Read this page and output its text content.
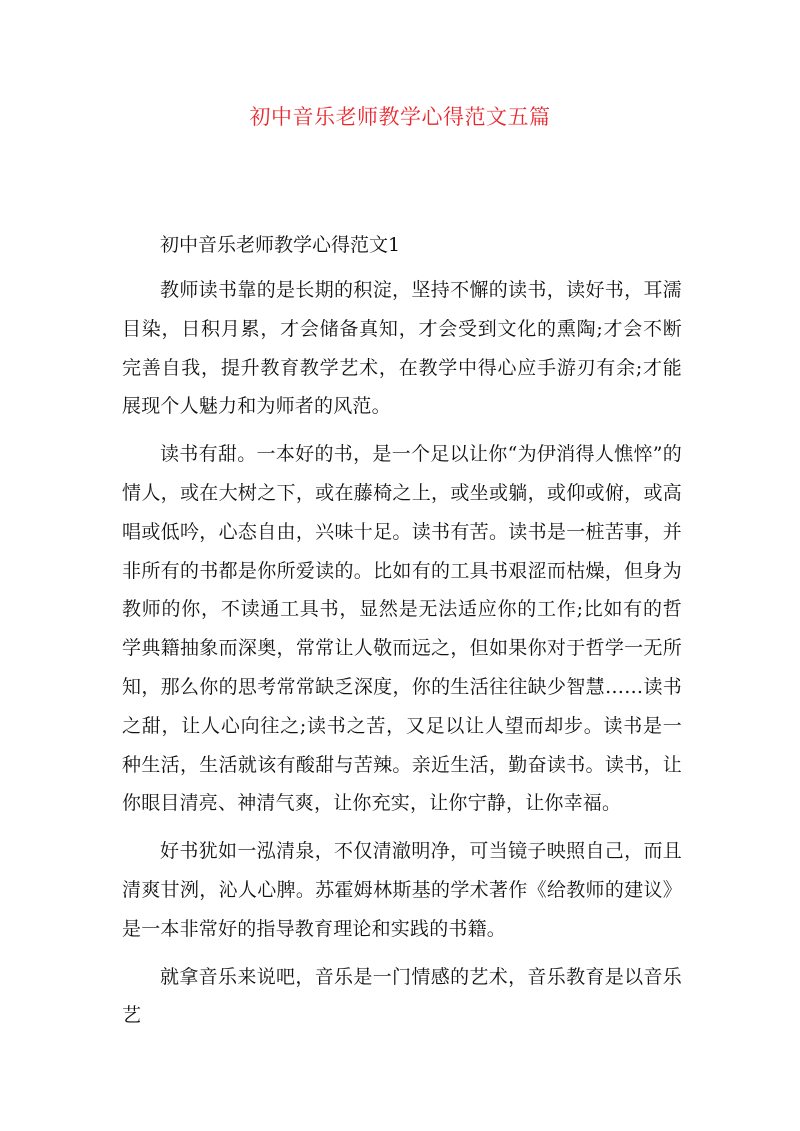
初中音乐老师教学心得范文五篇
初中音乐老师教学心得范文1

教师读书靠的是长期的积淀，坚持不懈的读书，读好书，耳濡目染，日积月累，才会储备真知，才会受到文化的熏陶;才会不断完善自我，提升教育教学艺术，在教学中得心应手游刃有余;才能展现个人魅力和为师者的风范。

读书有甜。一本好的书，是一个足以让你“为伊消得人憔悴”的情人，或在大树之下，或在藤椅之上，或坐或躺，或仰或俯，或高唱或低吟，心态自由，兴味十足。读书有苦。读书是一桩苦事，并非所有的书都是你所爱读的。比如有的工具书艰涩而枯燥，但身为教师的你，不读通工具书，显然是无法适应你的工作;比如有的哲学典籍抽象而深奥，常常让人敬而远之，但如果你对于哲学一无所知，那么你的思考常常缺乏深度，你的生活往往缺少智慧……读书之甜，让人心向往之;读书之苦，又足以让人望而却步。读书是一种生活，生活就该有酸甜与苦辣。亲近生活，勤奋读书。读书，让你眼目清亮、神清气爽，让你充实，让你宁静，让你幸福。

好书犹如一泓清泉，不仅清澈明净，可当镜子映照自己，而且清爽甘洌，沁人心脾。苏霍姆林斯基的学术著作《给教师的建议》是一本非常好的指导教育理论和实践的书籍。

就拿音乐来说吧，音乐是一门情感的艺术，音乐教育是以音乐艺
